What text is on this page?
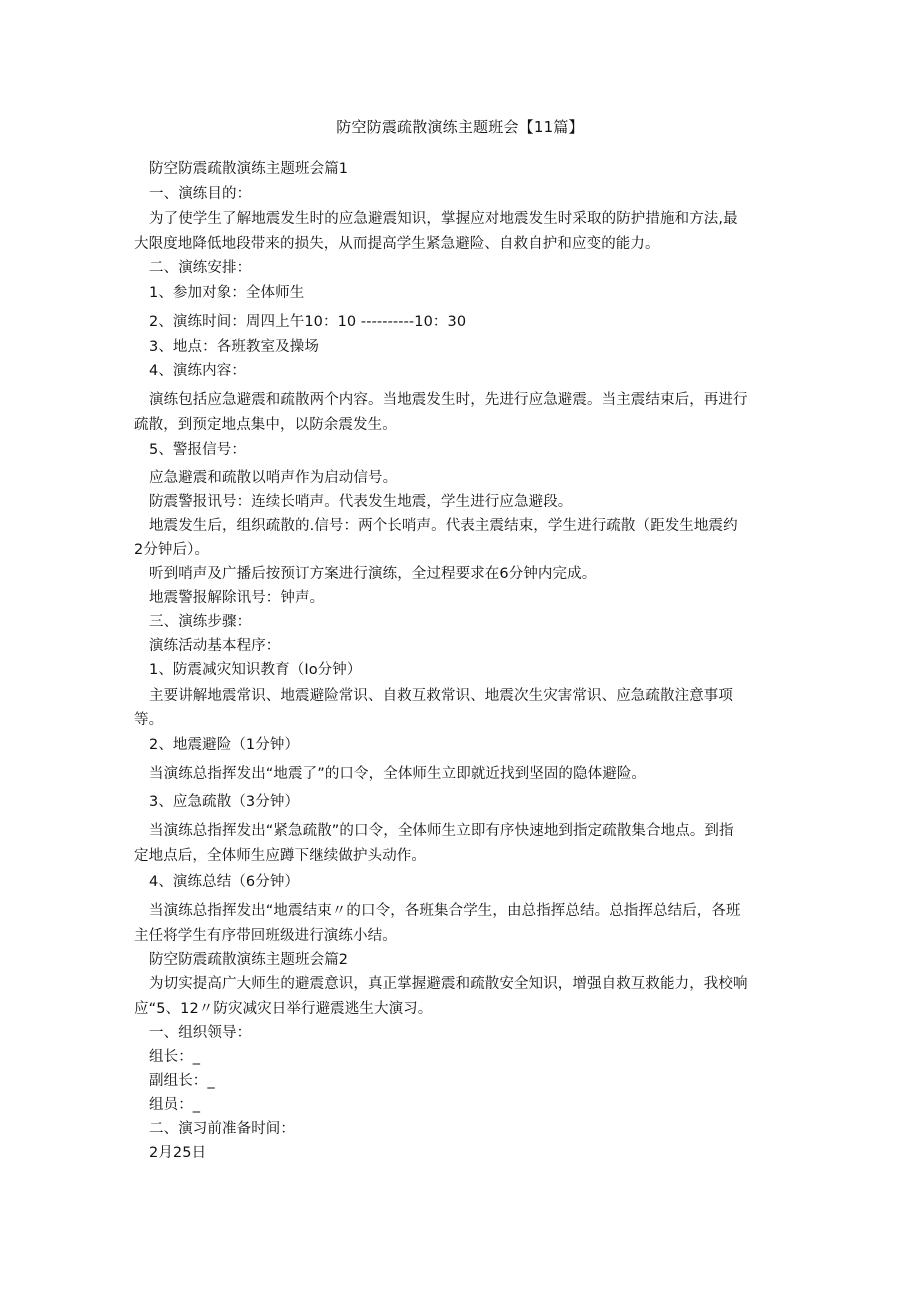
防空防震疏散演练主题班会【11篇】
防空防震疏散演练主题班会篇1
一、演练目的：
为了使学生了解地震发生时的应急避震知识，掌握应对地震发生时采取的防护措施和方法,最
大限度地降低地段带来的损失，从而提高学生紧急避险、自救自护和应变的能力。
二、演练安排：
1、参加对象：全体师生
2、演练时间：周四上午10：10 ----------10：30
3、地点：各班教室及操场
4、演练内容：
演练包括应急避震和疏散两个内容。当地震发生时，先进行应急避震。当主震结束后，再进行
疏散，到预定地点集中，以防余震发生。
5、警报信号：
应急避震和疏散以哨声作为启动信号。
防震警报讯号：连续长哨声。代表发生地震，学生进行应急避段。
地震发生后，组织疏散的.信号：两个长哨声。代表主震结束，学生进行疏散（距发生地震约
2分钟后）。
听到哨声及广播后按预订方案进行演练，全过程要求在6分钟内完成。
地震警报解除讯号：钟声。
三、演练步骤：
演练活动基本程序：
1、防震减灾知识教育（Io分钟）
主要讲解地震常识、地震避险常识、自救互救常识、地震次生灾害常识、应急疏散注意事项
等。
2、地震避险（1分钟）
当演练总指挥发出“地震了”的口令，全体师生立即就近找到坚固的隐体避险。
3、应急疏散（3分钟）
当演练总指挥发出“紧急疏散”的口令，全体师生立即有序快速地到指定疏散集合地点。到指
定地点后，全体师生应蹲下继续做护头动作。
4、演练总结（6分钟）
当演练总指挥发出“地震结束〃的口令，各班集合学生，由总指挥总结。总指挥总结后，各班
主任将学生有序带回班级进行演练小结。
防空防震疏散演练主题班会篇2
为切实提高广大师生的避震意识，真正掌握避震和疏散安全知识，增强自救互救能力，我校响
应“5、12〃防灾减灾日举行避震逃生大演习。
一、组织领导：
组长：_
副组长：_
组员：_
二、演习前准备时间：
2月25日
